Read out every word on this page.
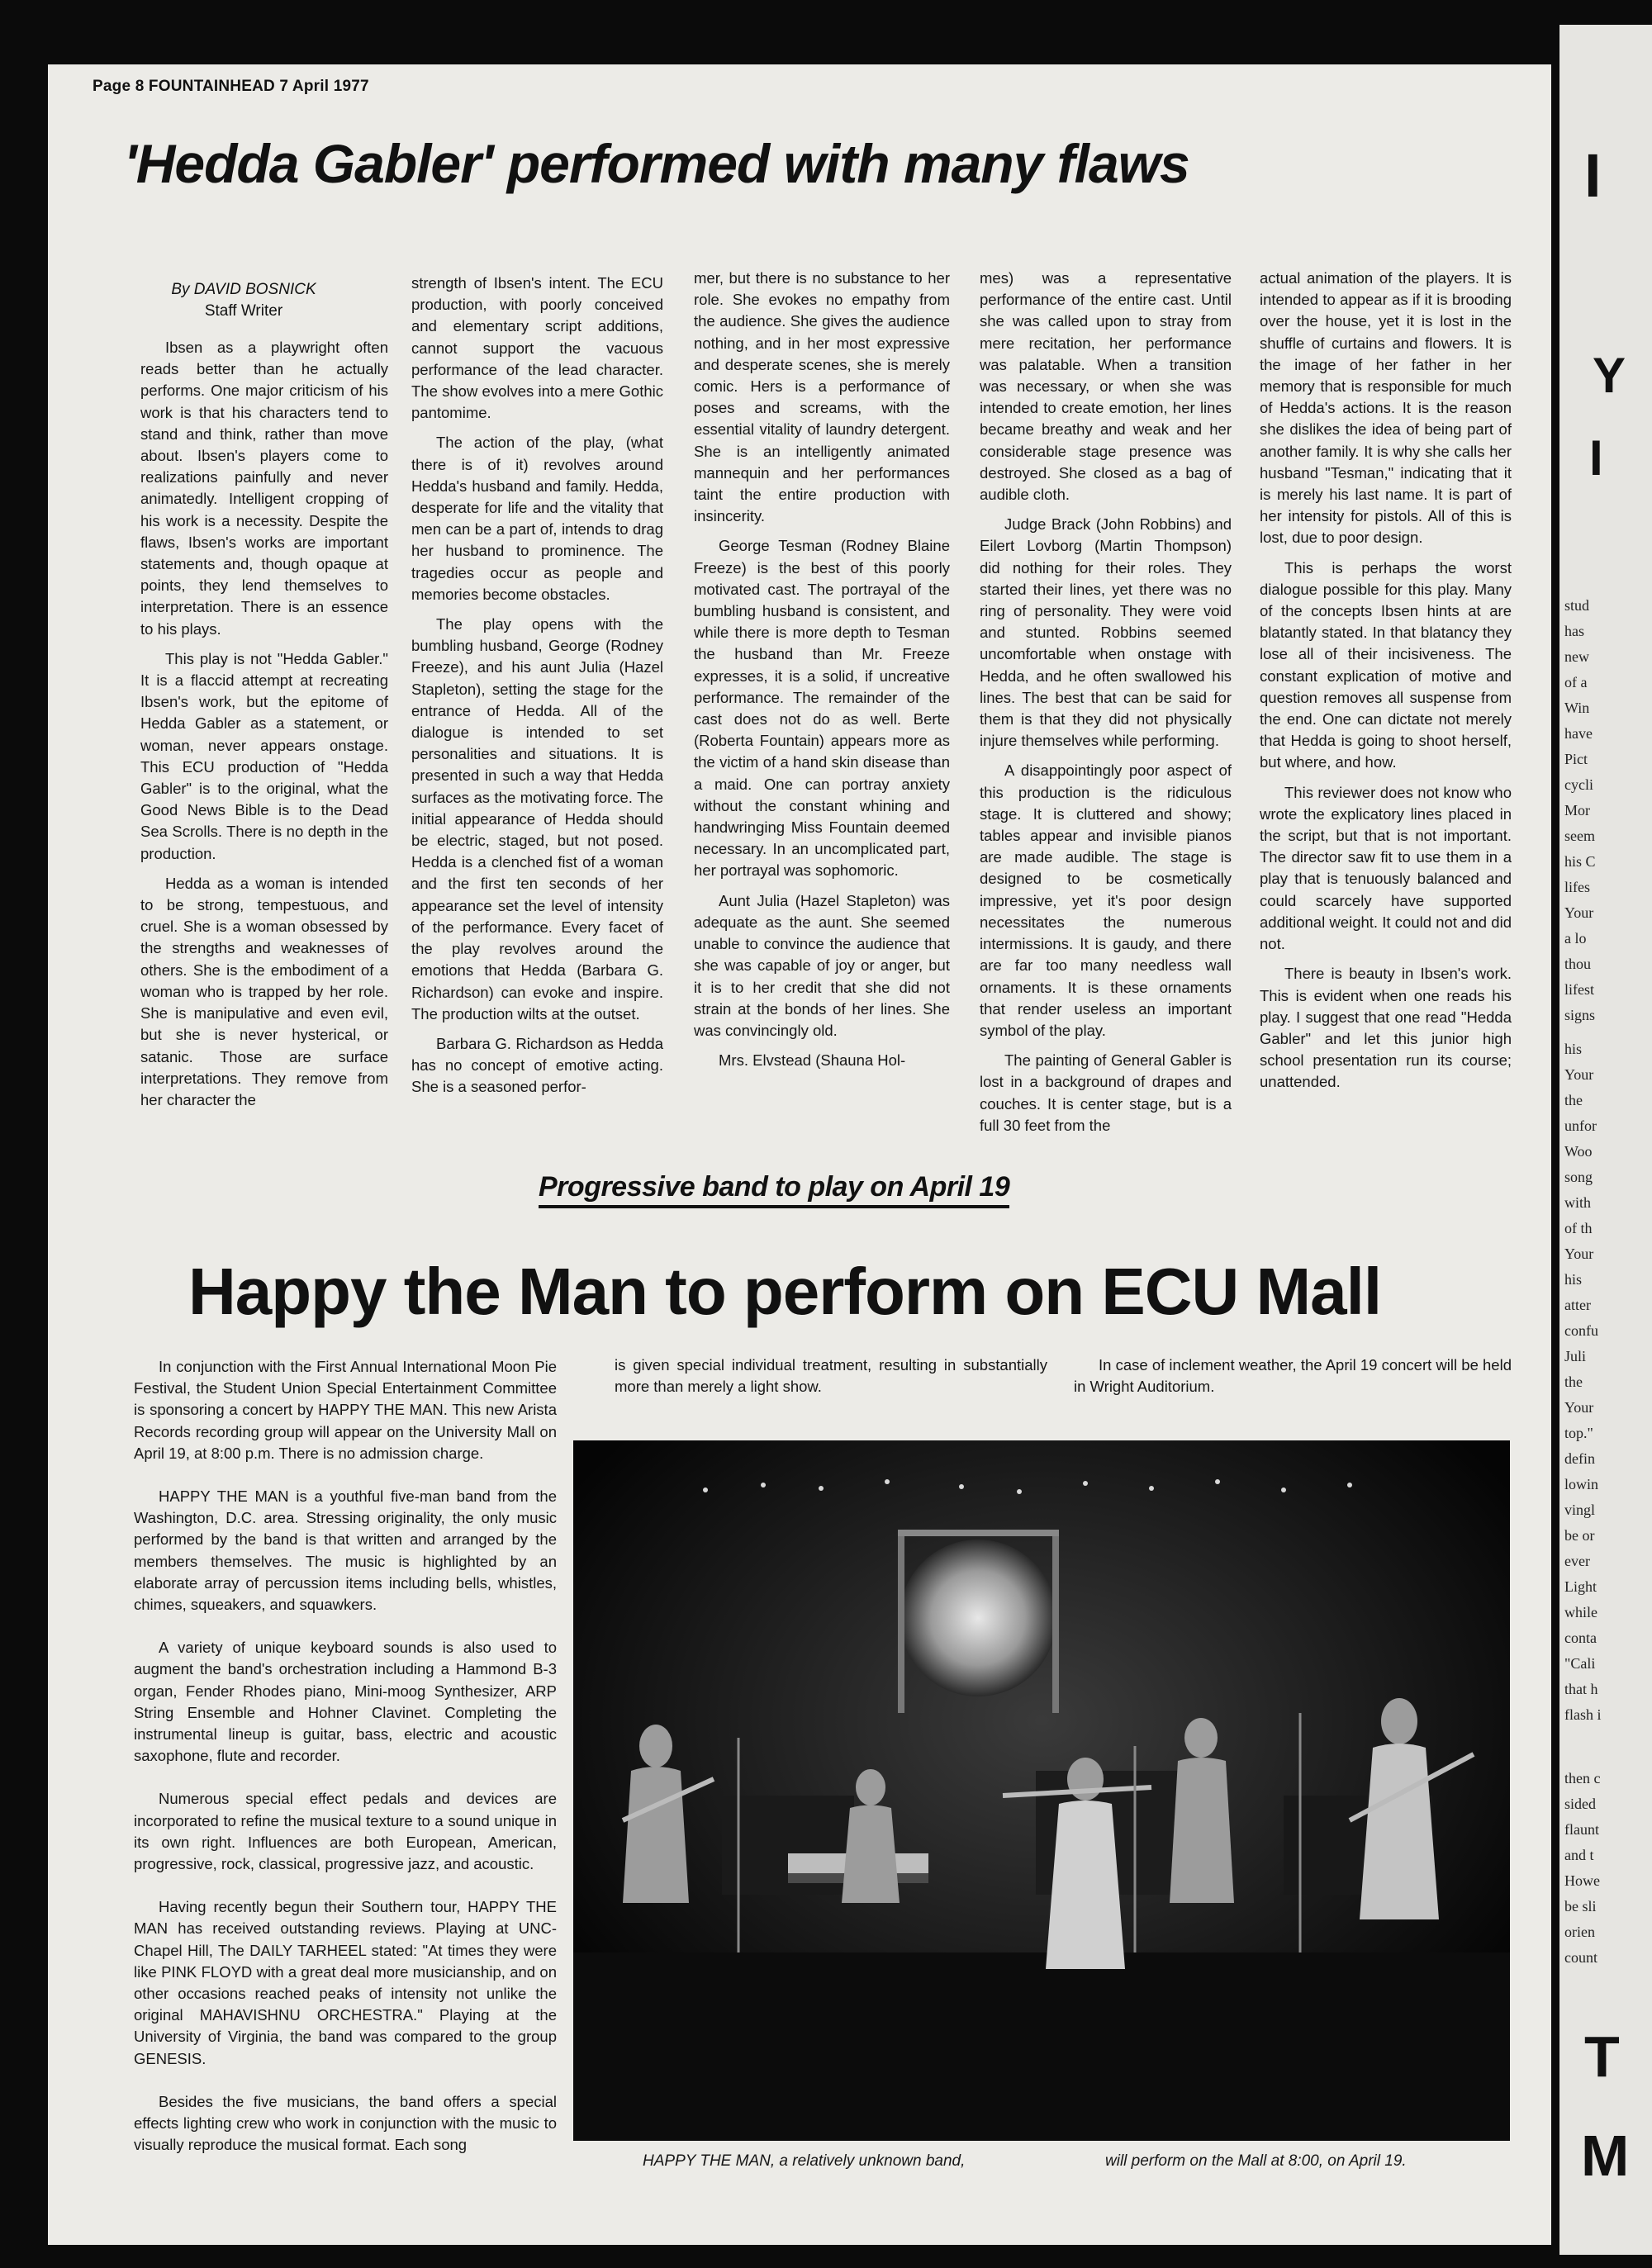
I
Y
I
stud
has
new
of a
Win
have
Pict
cycli
Mor
seem
his C
lifes
Your
a lo
thou
lifest
signs
his
Your
the
unfor
Woo
song
with
of th
Your
his
atter
confu
Juli
the
Your
top."
defin
lowin
vingl
be or
ever
Light
while
conta
"Cali
that h
flash i
then c
sided
flaunt
and t
Howe
be sli
orien
count
T
M
Page 8 FOUNTAINHEAD 7 April 1977
'Hedda Gabler' performed with many flaws
By DAVID BOSNICK
Staff Writer

Ibsen as a playwright often reads better than he actually performs. One major criticism of his work is that his characters tend to stand and think, rather than move about. Ibsen's players come to realizations painfully and never animatedly. Intelligent cropping of his work is a necessity. Despite the flaws, Ibsen's works are important statements and, though opaque at points, they lend themselves to interpretation. There is an essence to his plays.

This play is not "Hedda Gabler." It is a flaccid attempt at recreating Ibsen's work, but the epitome of Hedda Gabler as a statement, or woman, never appears onstage. This ECU production of "Hedda Gabler" is to the original, what the Good News Bible is to the Dead Sea Scrolls. There is no depth in the production.

Hedda as a woman is intended to be strong, tempestuous, and cruel. She is a woman obsessed by the strengths and weaknesses of others. She is the embodiment of a woman who is trapped by her role. She is manipulative and even evil, but she is never hysterical, or satanic. Those are surface interpretations. They remove from her character the

strength of Ibsen's intent. The ECU production, with poorly conceived and elementary script additions, cannot support the vacuous performance of the lead character. The show evolves into a mere Gothic pantomime.

The action of the play, (what there is of it) revolves around Hedda's husband and family. Hedda, desperate for life and the vitality that men can be a part of, intends to drag her husband to prominence. The tragedies occur as people and memories become obstacles.

The play opens with the bumbling husband, George (Rodney Freeze), and his aunt Julia (Hazel Stapleton), setting the stage for the entrance of Hedda. All of the dialogue is intended to set personalities and situations. It is presented in such a way that Hedda surfaces as the motivating force. The initial appearance of Hedda should be electric, staged, but not posed. Hedda is a clenched fist of a woman and the first ten seconds of her appearance set the level of intensity of the performance. Every facet of the play revolves around the emotions that Hedda (Barbara G. Richardson) can evoke and inspire. The production wilts at the outset.

Barbara G. Richardson as Hedda has no concept of emotive acting. She is a seasoned perfor-

mer, but there is no substance to her role. She evokes no empathy from the audience. She gives the audience nothing, and in her most expressive and desperate scenes, she is merely comic. Hers is a performance of poses and screams, with the essential vitality of laundry detergent. She is an intelligently animated mannequin and her performances taint the entire production with insincerity.

George Tesman (Rodney Blaine Freeze) is the best of this poorly motivated cast. The portrayal of the bumbling husband is consistent, and while there is more depth to Tesman the husband than Mr. Freeze expresses, it is a solid, if uncreative performance. The remainder of the cast does not do as well. Berte (Roberta Fountain) appears more as the victim of a hand skin disease than a maid. One can portray anxiety without the constant whining and handwringing Miss Fountain deemed necessary. In an uncomplicated part, her portrayal was sophomoric.

Aunt Julia (Hazel Stapleton) was adequate as the aunt. She seemed unable to convince the audience that she was capable of joy or anger, but it is to her credit that she did not strain at the bonds of her lines. She was convincingly old.

Mrs. Elvstead (Shauna Hol-

mes) was a representative performance of the entire cast. Until she was called upon to stray from mere recitation, her performance was palatable. When a transition was necessary, or when she was intended to create emotion, her lines became breathy and weak and her considerable stage presence was destroyed. She closed as a bag of audible cloth.

Judge Brack (John Robbins) and Eilert Lovborg (Martin Thompson) did nothing for their roles. They started their lines, yet there was no ring of personality. They were void and stunted. Robbins seemed uncomfortable when onstage with Hedda, and he often swallowed his lines. The best that can be said for them is that they did not physically injure themselves while performing.

A disappointingly poor aspect of this production is the ridiculous stage. It is cluttered and showy; tables appear and invisible pianos are made audible. The stage is designed to be cosmetically impressive, yet it's poor design necessitates the numerous intermissions. It is gaudy, and there are far too many needless wall ornaments. It is these ornaments that render useless an important symbol of the play.

The painting of General Gabler is lost in a background of drapes and couches. It is center stage, but is a full 30 feet from the

actual animation of the players. It is intended to appear as if it is brooding over the house, yet it is lost in the shuffle of curtains and flowers. It is the image of her father in her memory that is responsible for much of Hedda's actions. It is the reason she dislikes the idea of being part of another family. It is why she calls her husband "Tesman," indicating that it is merely his last name. It is part of her intensity for pistols. All of this is lost, due to poor design.

This is perhaps the worst dialogue possible for this play. Many of the concepts Ibsen hints at are blatantly stated. In that blatancy they lose all of their incisiveness. The constant explication of motive and question removes all suspense from the end. One can dictate not merely that Hedda is going to shoot herself, but where, and how.

This reviewer does not know who wrote the explicatory lines placed in the script, but that is not important. The director saw fit to use them in a play that is tenuously balanced and could scarcely have supported additional weight. It could not and did not.

There is beauty in Ibsen's work. This is evident when one reads his play. I suggest that one read "Hedda Gabler" and let this junior high school presentation run its course; unattended.

Progressive band to play on April 19
Happy the Man to perform on ECU Mall

In conjunction with the First Annual International Moon Pie Festival, the Student Union Special Entertainment Committee is sponsoring a concert by HAPPY THE MAN. This new Arista Records recording group will appear on the University Mall on April 19, at 8:00 p.m. There is no admission charge.

HAPPY THE MAN is a youthful five-man band from the Washington, D.C. area. Stressing originality, the only music performed by the band is that written and arranged by the members themselves. The music is highlighted by an elaborate array of percussion items including bells, whistles, chimes, squeakers, and squawkers.

A variety of unique keyboard sounds is also used to augment the band's orchestration including a Hammond B-3 organ, Fender Rhodes piano, Mini-moog Synthesizer, ARP String Ensemble and Hohner Clavinet. Completing the instrumental lineup is guitar, bass, electric and acoustic saxophone, flute and recorder.

Numerous special effect pedals and devices are incorporated to refine the musical texture to a sound unique in its own right. Influences are both European, American, progressive, rock, classical, progressive jazz, and acoustic.

Having recently begun their Southern tour, HAPPY THE MAN has received outstanding reviews. Playing at UNC-Chapel Hill, The DAILY TARHEEL stated: "At times they were like PINK FLOYD with a great deal more musicianship, and on other occasions reached peaks of intensity not unlike the original MAHAVISHNU ORCHESTRA." Playing at the University of Virginia, the band was compared to the group GENESIS.

Besides the five musicians, the band offers a special effects lighting crew who work in conjunction with the music to visually reproduce the musical format. Each song

is given special individual treatment, resulting in substantially more than merely a light show.

In case of inclement weather, the April 19 concert will be held in Wright Auditorium.

HAPPY THE MAN, a relatively unknown band,	will perform on the Mall at 8:00, on April 19.
